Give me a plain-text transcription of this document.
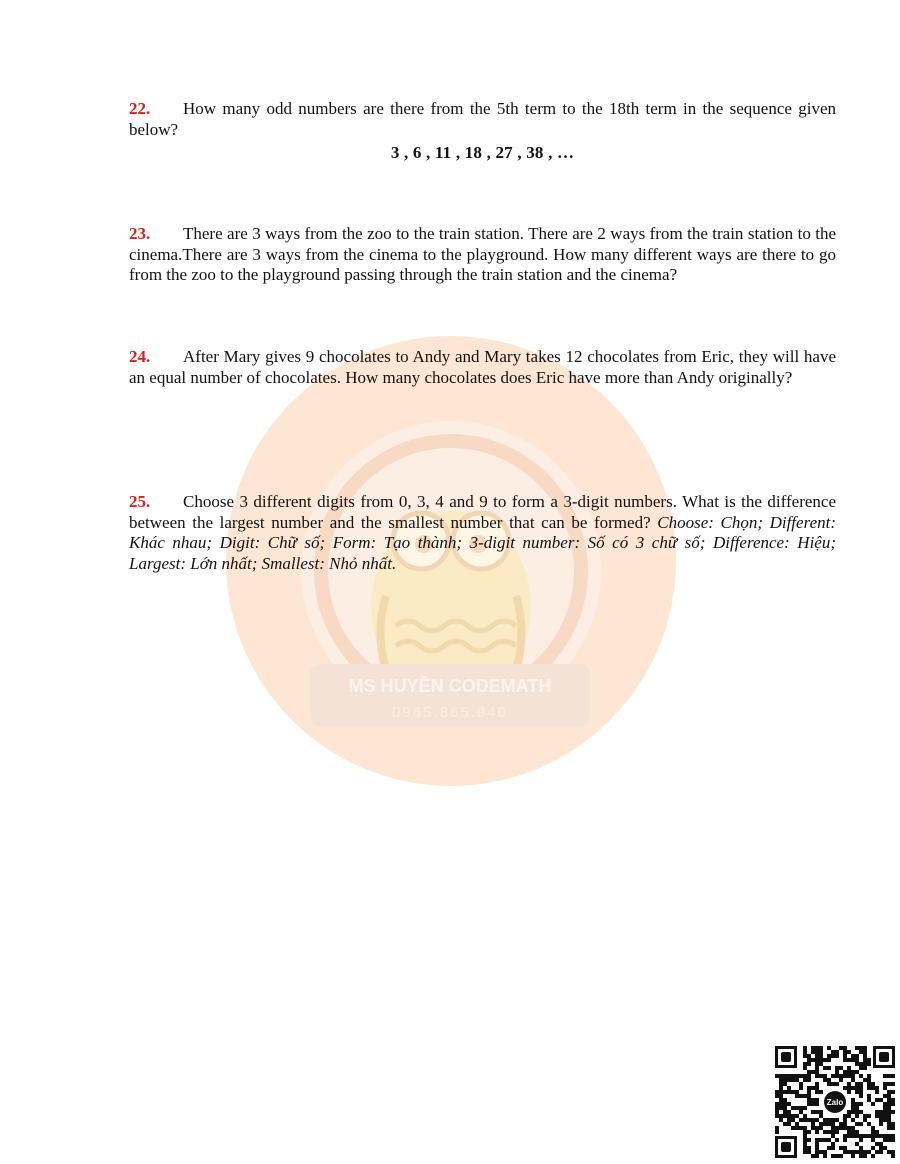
MS HUYỀN CODEMATH
0965.865.940
22. How many odd numbers are there from the 5th term to the 18th term in the sequence given below?
3 , 6 , 11 , 18 , 27 , 38 , …
23. There are 3 ways from the zoo to the train station. There are 2 ways from the train station to the cinema.There are 3 ways from the cinema to the playground. How many different ways are there to go from the zoo to the playground passing through the train station and the cinema?
24. After Mary gives 9 chocolates to Andy and Mary takes 12 chocolates from Eric, they will have an equal number of chocolates. How many chocolates does Eric have more than Andy originally?
25. Choose 3 different digits from 0, 3, 4 and 9 to form a 3-digit numbers. What is the difference between the largest number and the smallest number that can be formed? Choose: Chọn; Different: Khác nhau; Digit: Chữ số; Form: Tạo thành; 3-digit number: Số có 3 chữ số; Difference: Hiệu; Largest: Lớn nhất; Smallest: Nhỏ nhất.
Zalo
